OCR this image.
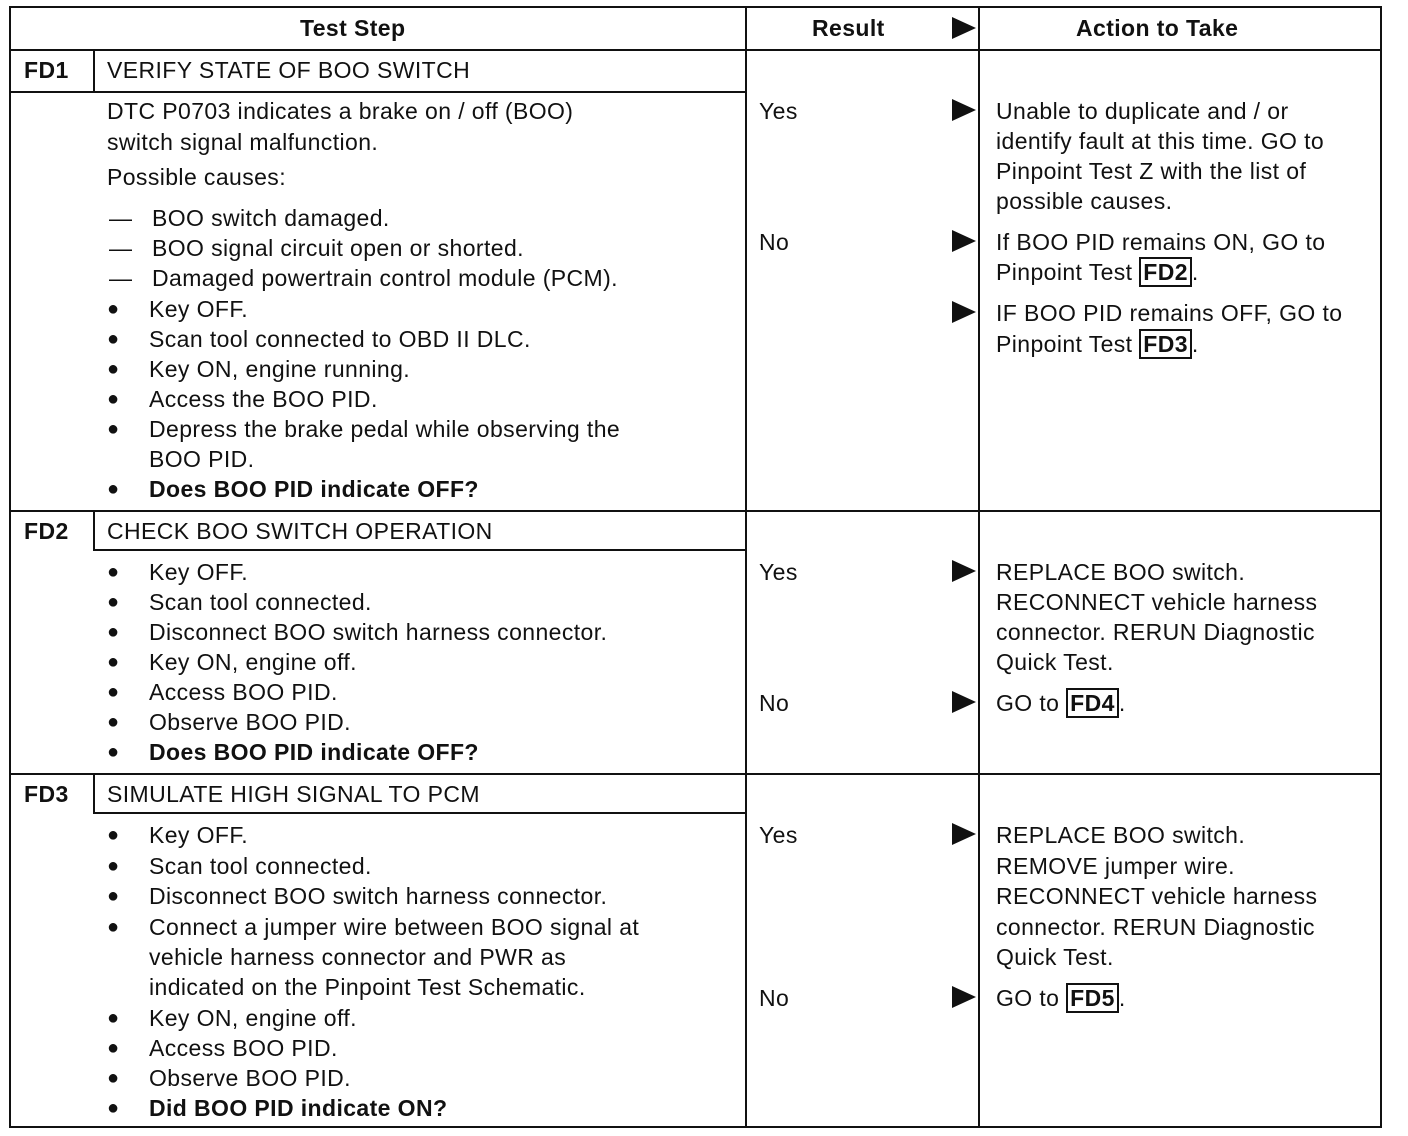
Test Step	Result	Action to Take
FD1 VERIFY STATE OF BOO SWITCH
DTC P0703 indicates a brake on / off (BOO)
switch signal malfunction.
Possible causes:
— BOO switch damaged.
— BOO signal circuit open or shorted.
— Damaged powertrain control module (PCM).
● Key OFF.
● Scan tool connected to OBD II DLC.
● Key ON, engine running.
● Access the BOO PID.
● Depress the brake pedal while observing the
BOO PID.
● Does BOO PID indicate OFF?
Yes	Unable to duplicate and / or
identify fault at this time. GO to
Pinpoint Test Z with the list of
possible causes.
No	If BOO PID remains ON, GO to
Pinpoint Test FD2 .
IF BOO PID remains OFF, GO to
Pinpoint Test FD3 .
FD2 CHECK BOO SWITCH OPERATION
● Key OFF.
● Scan tool connected.
● Disconnect BOO switch harness connector.
● Key ON, engine off.
● Access BOO PID.
● Observe BOO PID.
● Does BOO PID indicate OFF?
Yes	REPLACE BOO switch.
RECONNECT vehicle harness
connector. RERUN Diagnostic
Quick Test.
No	GO to FD4 .
FD3 SIMULATE HIGH SIGNAL TO PCM
● Key OFF.
● Scan tool connected.
● Disconnect BOO switch harness connector.
● Connect a jumper wire between BOO signal at
vehicle harness connector and PWR as
indicated on the Pinpoint Test Schematic.
● Key ON, engine off.
● Access BOO PID.
● Observe BOO PID.
● Did BOO PID indicate ON?
Yes	REPLACE BOO switch.
REMOVE jumper wire.
RECONNECT vehicle harness
connector. RERUN Diagnostic
Quick Test.
No	GO to FD5 .
